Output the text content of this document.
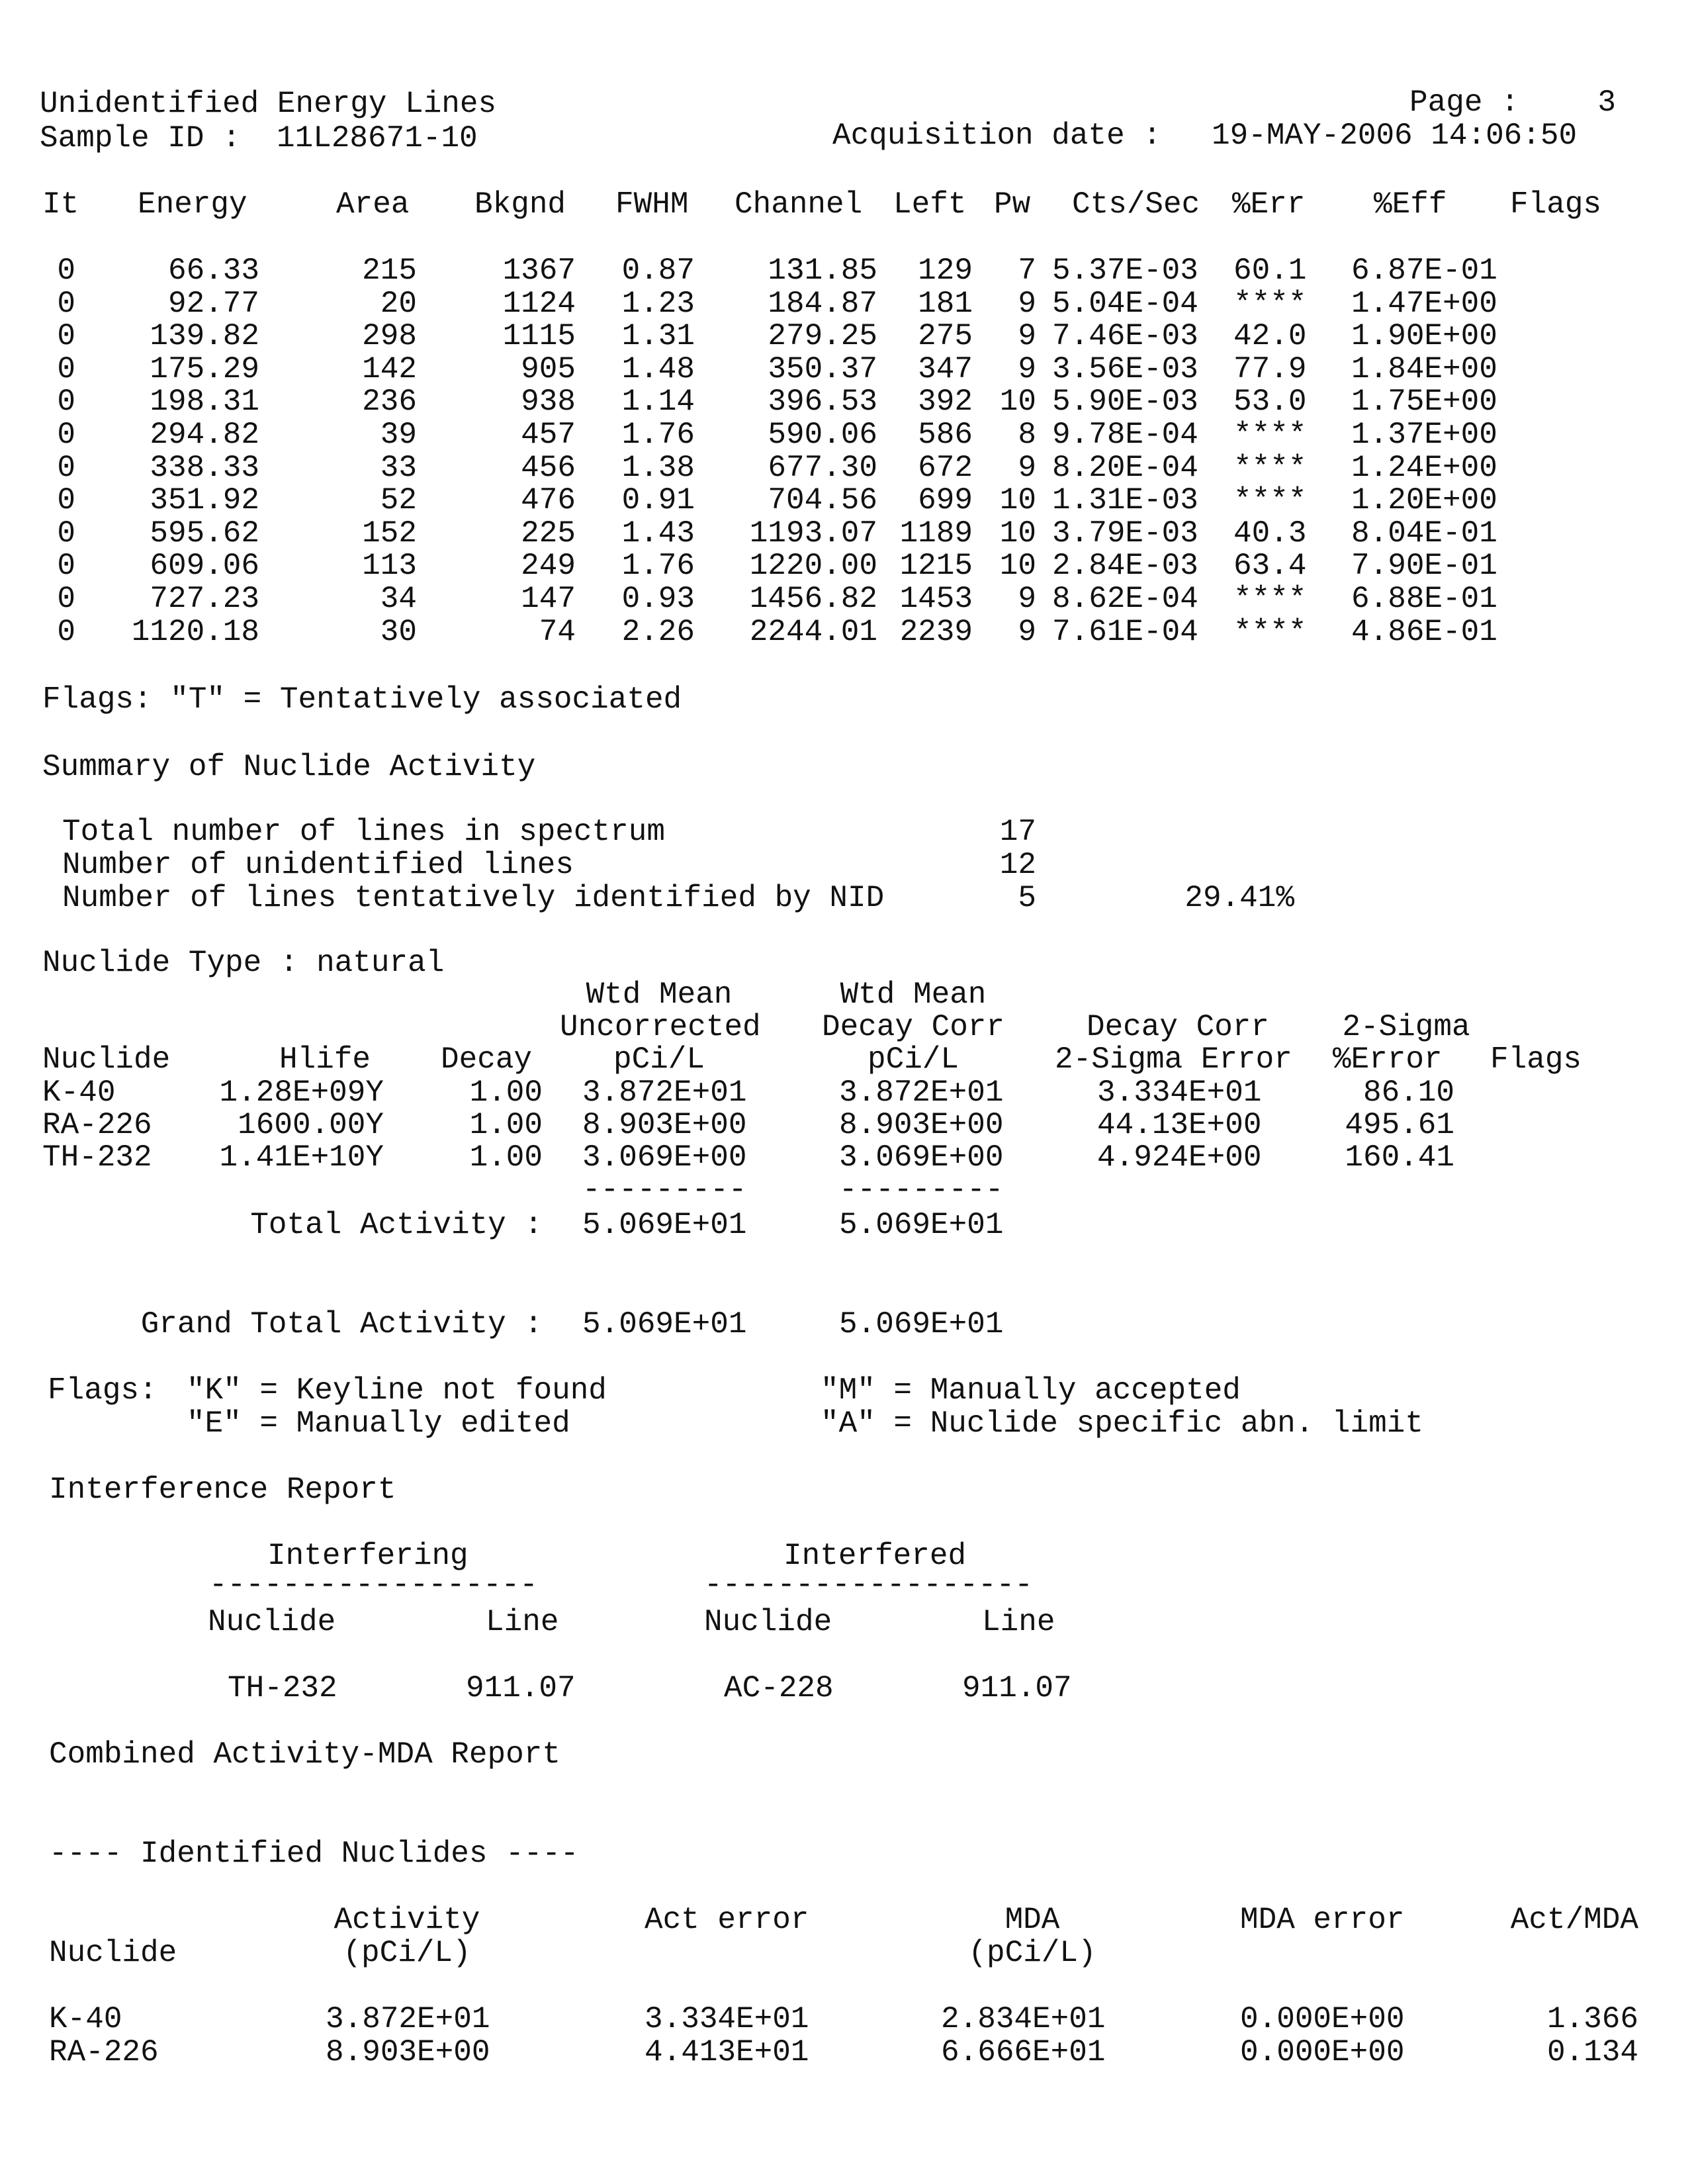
Unidentified Energy Lines	Page :	3
Sample ID : 11L28671-10	Acquisition date : 19-MAY-2006 14:06:50
It Energy	Area Bkgnd FWHM Channel Left Pw Cts/Sec %Err %Eff Flags
0	66.33	215	1367	0.87	131.85	129	7 5.37E-03 60.1 6.87E-01
0	92.77	20	1124	1.23	184.87	181	9 5.04E-04 **** 1.47E+00
0	139.82	298	1115	1.31	279.25	275	9 7.46E-03 42.0 1.90E+00
0	175.29	142	905	1.48	350.37	347	9 3.56E-03 77.9 1.84E+00
0	198.31	236	938	1.14	396.53	392 10 5.90E-03 53.0 1.75E+00
0	294.82	39	457	1.76	590.06	586	8 9.78E-04 **** 1.37E+00
0	338.33	33	456	1.38	677.30	672	9 8.20E-04 **** 1.24E+00
0	351.92	52	476	0.91	704.56	699 10 1.31E-03 **** 1.20E+00
0	595.62	152	225	1.43	1193.07 1189 10 3.79E-03 40.3 8.04E-01
0	609.06	113	249	1.76	1220.00 1215 10 2.84E-03 63.4 7.90E-01
0	727.23	34	147	0.93	1456.82 1453	9 8.62E-04 **** 6.88E-01
0	1120.18	30	74	2.26	2244.01 2239	9 7.61E-04 **** 4.86E-01
Flags: "T" = Tentatively associated
Summary of Nuclide Activity
Total number of lines in spectrum	17
Number of unidentified lines	12
Number of lines tentatively identified by NID	5	29.41%
Nuclide Type : natural
Wtd Mean	Wtd Mean
Uncorrected Decay Corr	Decay Corr	2-Sigma
Nuclide	Hlife Decay	pCi/L	pCi/L	2-Sigma Error %Error Flags
K-40	1.28E+09Y	1.00 3.872E+01	3.872E+01	3.334E+01	86.10
RA-226	1600.00Y	1.00 8.903E+00	8.903E+00	44.13E+00	495.61
TH-232	1.41E+10Y	1.00 3.069E+00	3.069E+00	4.924E+00	160.41
---------	---------
Total Activity : 5.069E+01	5.069E+01
Grand Total Activity : 5.069E+01	5.069E+01
Flags: "K" = Keyline not found	"M" = Manually accepted
"E" = Manually edited	"A" = Nuclide specific abn. limit
Interference Report
Interfering	Interfered
------------------	------------------
Nuclide	Line	Nuclide	Line
TH-232	911.07	AC-228	911.07
Combined Activity-MDA Report
---- Identified Nuclides ----
Activity	Act error	MDA	MDA error	Act/MDA
Nuclide	(pCi/L)	(pCi/L)
K-40	3.872E+01	3.334E+01	2.834E+01	0.000E+00	1.366
RA-226	8.903E+00	4.413E+01	6.666E+01	0.000E+00	0.134
